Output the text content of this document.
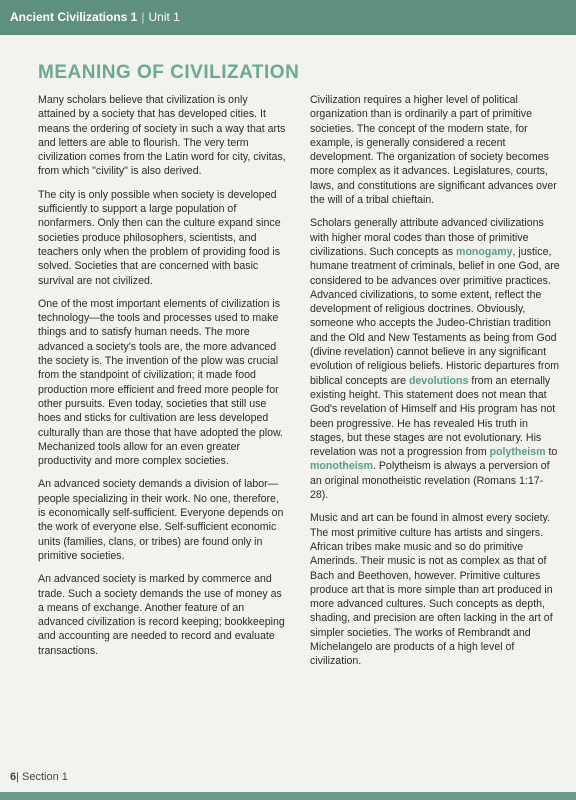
Ancient Civilizations 1 | Unit 1
MEANING OF CIVILIZATION

Many scholars believe that civilization is only attained by a society that has developed cities. It means the ordering of society in such a way that arts and letters are able to flourish. The very term civilization comes from the Latin word for city, civitas, from which "civility" is also derived.

The city is only possible when society is developed sufficiently to support a large population of nonfarmers. Only then can the culture expand since societies produce philosophers, scientists, and teachers only when the problem of providing food is solved. Societies that are concerned with basic survival are not civilized.

One of the most important elements of civilization is technology—the tools and processes used to make things and to satisfy human needs. The more advanced a society's tools are, the more advanced the society is. The invention of the plow was crucial from the standpoint of civilization; it made food production more efficient and freed more people for other pursuits. Even today, societies that still use hoes and sticks for cultivation are less developed culturally than are those that have adopted the plow. Mechanized tools allow for an even greater productivity and more complex societies.

An advanced society demands a division of labor—people specializing in their work. No one, therefore, is economically self-sufficient. Everyone depends on the work of everyone else. Self-sufficient economic units (families, clans, or tribes) are found only in primitive societies.

An advanced society is marked by commerce and trade. Such a society demands the use of money as a means of exchange. Another feature of an advanced civilization is record keeping; bookkeeping and accounting are needed to record and evaluate transactions.

Civilization requires a higher level of political organization than is ordinarily a part of primitive societies. The concept of the modern state, for example, is generally considered a recent development. The organization of society becomes more complex as it advances. Legislatures, courts, laws, and constitutions are significant advances over the will of a tribal chieftain.

Scholars generally attribute advanced civilizations with higher moral codes than those of primitive civilizations. Such concepts as monogamy, justice, humane treatment of criminals, belief in one God, are considered to be advances over primitive practices. Advanced civilizations, to some extent, reflect the development of religious doctrines. Obviously, someone who accepts the Judeo-Christian tradition and the Old and New Testaments as being from God (divine revelation) cannot believe in any significant evolution of religious beliefs. Historic departures from biblical concepts are devolutions from an eternally existing height. This statement does not mean that God's revelation of Himself and His program has not been progressive. He has revealed His truth in stages, but these stages are not evolutionary. His revelation was not a progression from polytheism to monotheism. Polytheism is always a perversion of an original monotheistic revelation (Romans 1:17-28).

Music and art can be found in almost every society. The most primitive culture has artists and singers. African tribes make music and so do primitive Amerinds. Their music is not as complex as that of Bach and Beethoven, however. Primitive cultures produce art that is more simple than art produced in more advanced cultures. Such concepts as depth, shading, and precision are often lacking in the art of simpler societies. The works of Rembrandt and Michelangelo are products of a high level of civilization.

6| Section 1
